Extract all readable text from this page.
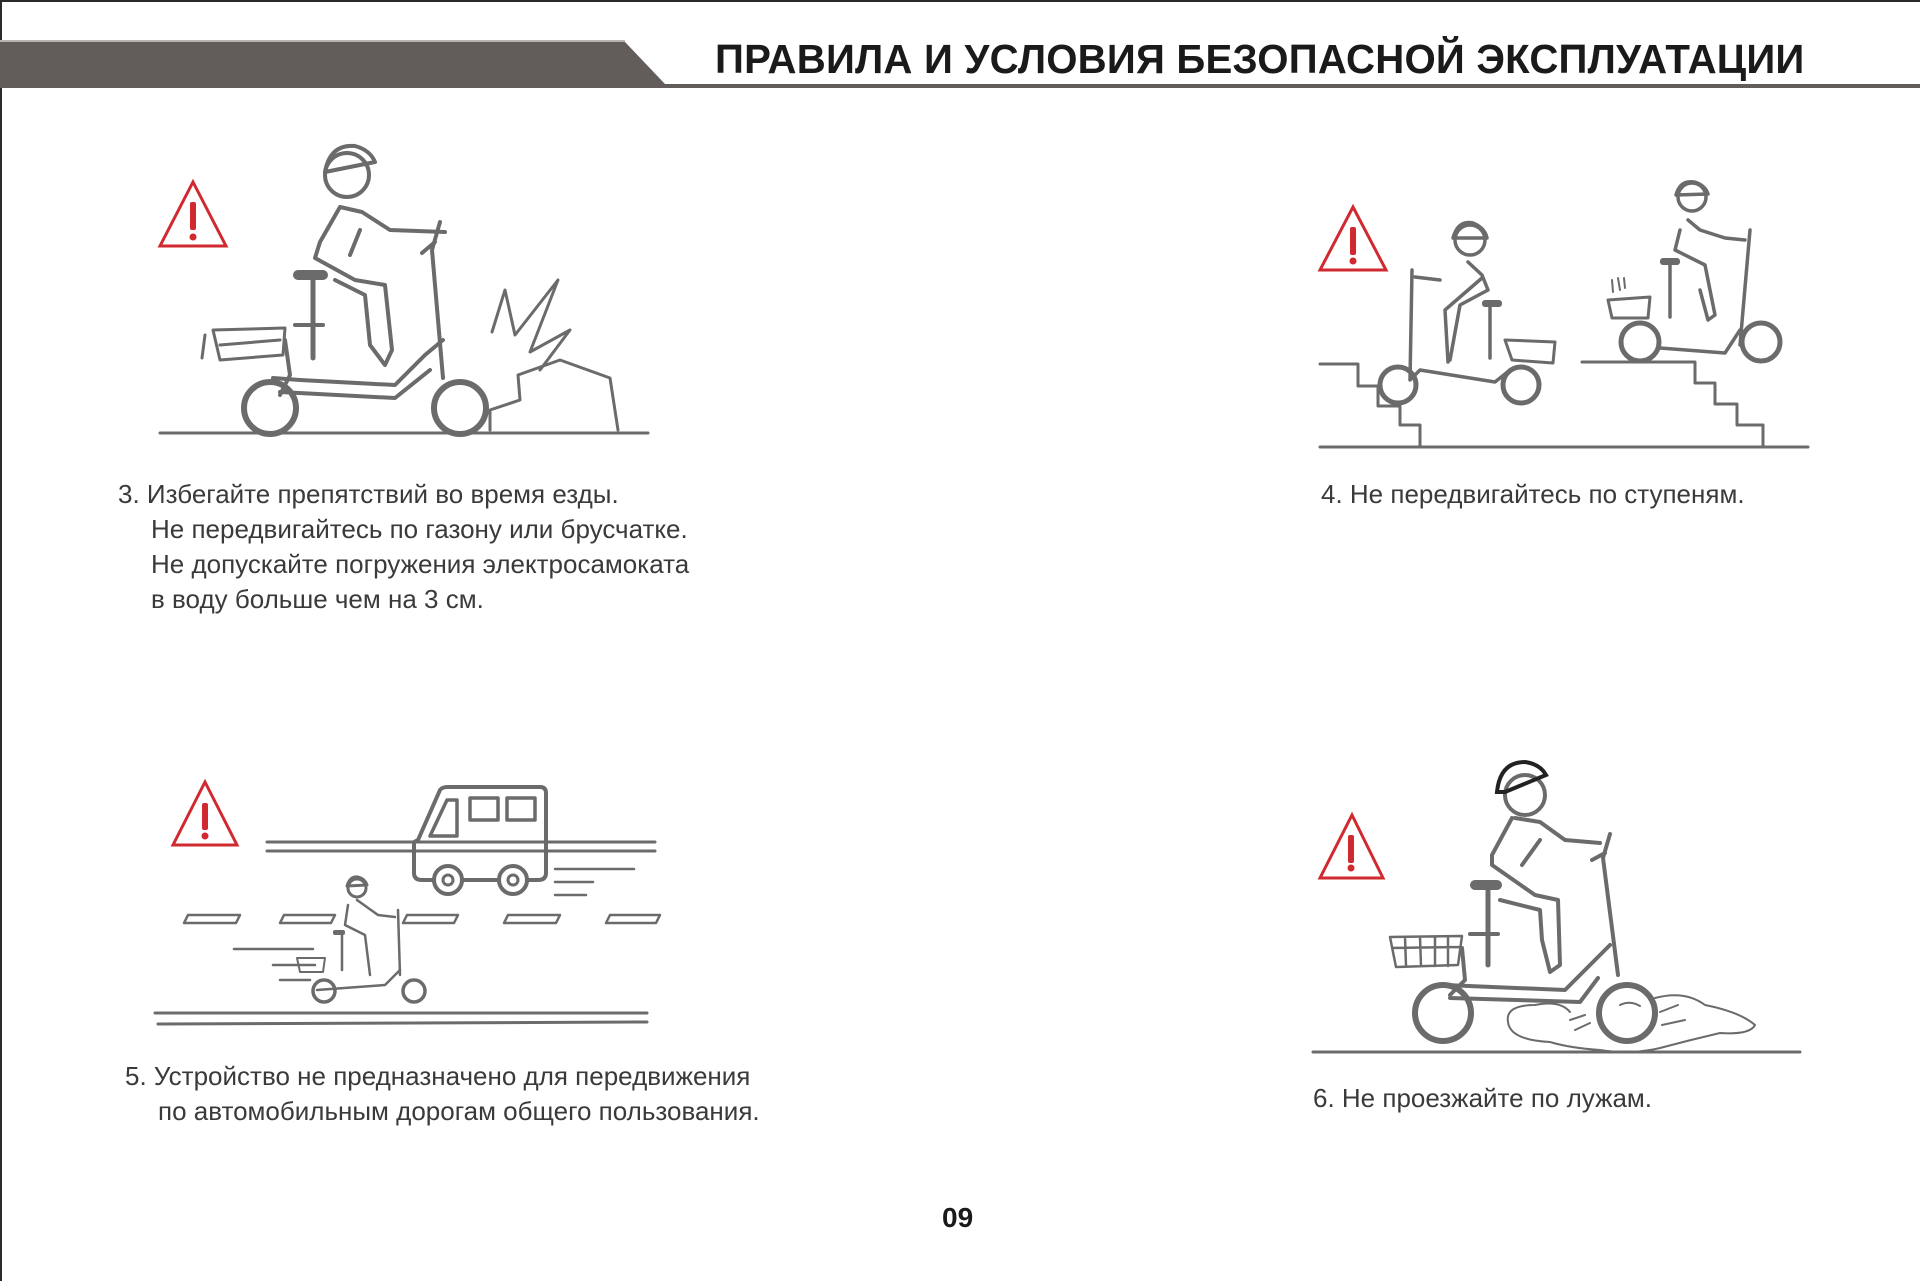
ПРАВИЛА И УСЛОВИЯ БЕЗОПАСНОЙ ЭКСПЛУАТАЦИИ
3. Избегайте препятствий во время езды.
Не передвигайтесь по газону или брусчатке.
Не допускайте погружения электросамоката
в воду больше чем на 3 см.
4. Не передвигайтесь по ступеням.
5. Устройство не предназначено для передвижения
по автомобильным дорогам общего пользования.	6. Не проезжайте по лужам.
09
